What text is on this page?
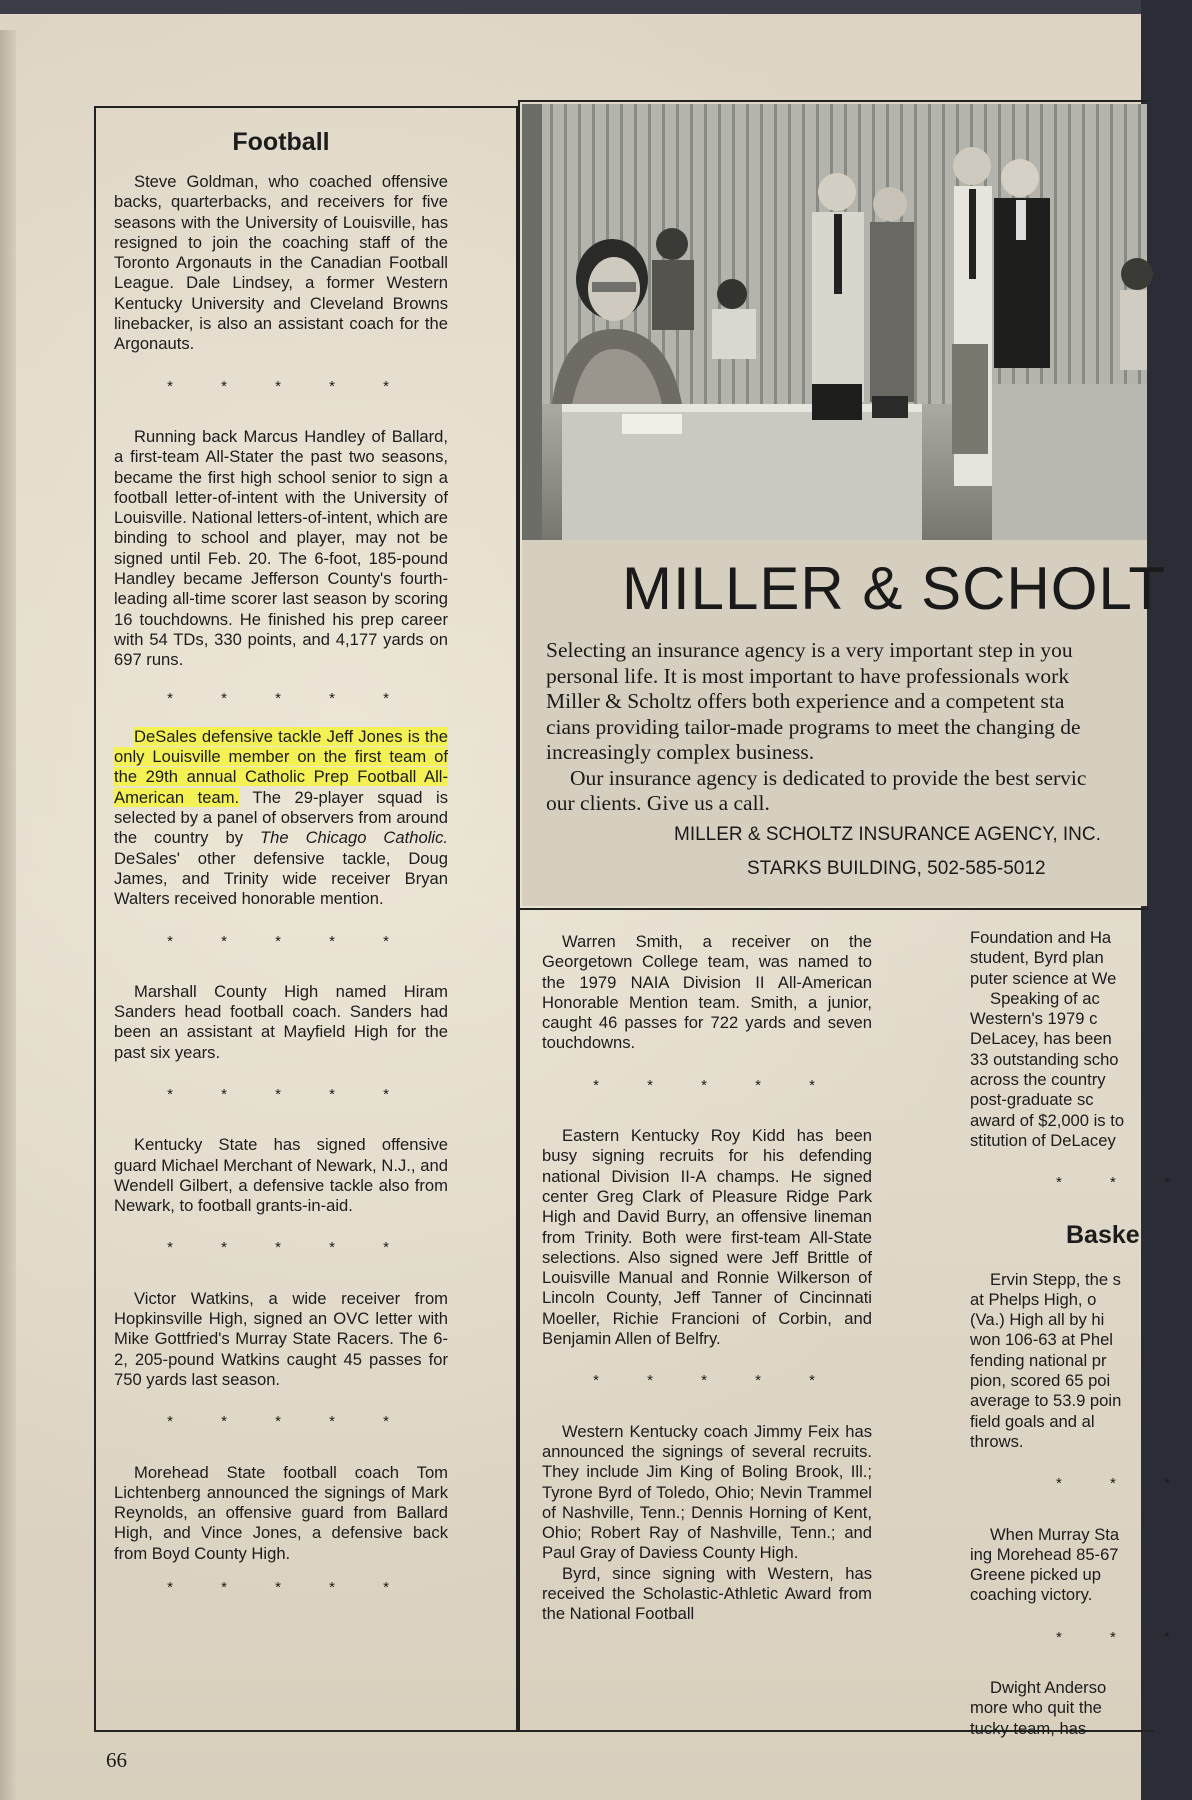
Football

Steve Goldman, who coached offensive backs, quarterbacks, and receivers for five seasons with the University of Louisville, has resigned to join the coaching staff of the Toronto Argonauts in the Canadian Football League. Dale Lindsey, a former Western Kentucky University and Cleveland Browns linebacker, is also an assistant coach for the Argonauts.

* * * * *

Running back Marcus Handley of Ballard, a first-team All-Stater the past two seasons, became the first high school senior to sign a football letter-of-intent with the University of Louisville. National letters-of-intent, which are binding to school and player, may not be signed until Feb. 20. The 6-foot, 185-pound Handley became Jefferson County's fourth-leading all-time scorer last season by scoring 16 touchdowns. He finished his prep career with 54 TDs, 330 points, and 4,177 yards on 697 runs.

* * * * *

DeSales defensive tackle Jeff Jones is the only Louisville member on the first team of the 29th annual Catholic Prep Football All-American team. The 29-player squad is selected by a panel of observers from around the country by The Chicago Catholic. DeSales' other defensive tackle, Doug James, and Trinity wide receiver Bryan Walters received honorable mention.

* * * * *

Marshall County High named Hiram Sanders head football coach. Sanders had been an assistant at Mayfield High for the past six years.

* * * * *

Kentucky State has signed offensive guard Michael Merchant of Newark, N.J., and Wendell Gilbert, a defensive tackle also from Newark, to football grants-in-aid.

* * * * *

Victor Watkins, a wide receiver from Hopkinsville High, signed an OVC letter with Mike Gottfried's Murray State Racers. The 6-2, 205-pound Watkins caught 45 passes for 750 yards last season.

* * * * *

Morehead State football coach Tom Lichtenberg announced the signings of Mark Reynolds, an offensive guard from Ballard High, and Vince Jones, a defensive back from Boyd County High.

* * * * *
MILLER & SCHOLT

Selecting an insurance agency is a very important step in you

personal life. It is most important to have professionals work

Miller & Scholtz offers both experience and a competent sta

cians providing tailor-made programs to meet the changing de

increasingly complex business.

Our insurance agency is dedicated to provide the best servic

our clients. Give us a call.

MILLER & SCHOLTZ INSURANCE AGENCY, INC.
STARKS BUILDING, 502-585-5012

Warren Smith, a receiver on the Georgetown College team, was named to the 1979 NAIA Division II All-American Honorable Mention team. Smith, a junior, caught 46 passes for 722 yards and seven touchdowns.

* * * * *

Eastern Kentucky Roy Kidd has been busy signing recruits for his defending national Division II-A champs. He signed center Greg Clark of Pleasure Ridge Park High and David Burry, an offensive lineman from Trinity. Both were first-team All-State selections. Also signed were Jeff Brittle of Louisville Manual and Ronnie Wilkerson of Lincoln County, Jeff Tanner of Cincinnati Moeller, Richie Francioni of Corbin, and Benjamin Allen of Belfry.

* * * * *

Western Kentucky coach Jimmy Feix has announced the signings of several recruits. They include Jim King of Boling Brook, Ill.; Tyrone Byrd of Toledo, Ohio; Nevin Trammel of Nashville, Tenn.; Dennis Horning of Kent, Ohio; Robert Ray of Nashville, Tenn.; and Paul Gray of Daviess County High.

Byrd, since signing with Western, has received the Scholastic-Athletic Award from the National Football

Foundation and Ha
student, Byrd plan
puter science at We
Speaking of ac
Western's 1979 c
DeLacey, has been
33 outstanding scho
across the country
post-graduate sc
award of $2,000 is to
stitution of DeLacey
* * *
Baske
Ervin Stepp, the s
at Phelps High, o
(Va.) High all by hi
won 106-63 at Phel
fending national pr
pion, scored 65 poi
average to 53.9 poin
field goals and al
throws.
* * *
When Murray Sta
ing Morehead 85-67
Greene picked up
coaching victory.
* * *
Dwight Anderso
more who quit the
tucky team, has
66
